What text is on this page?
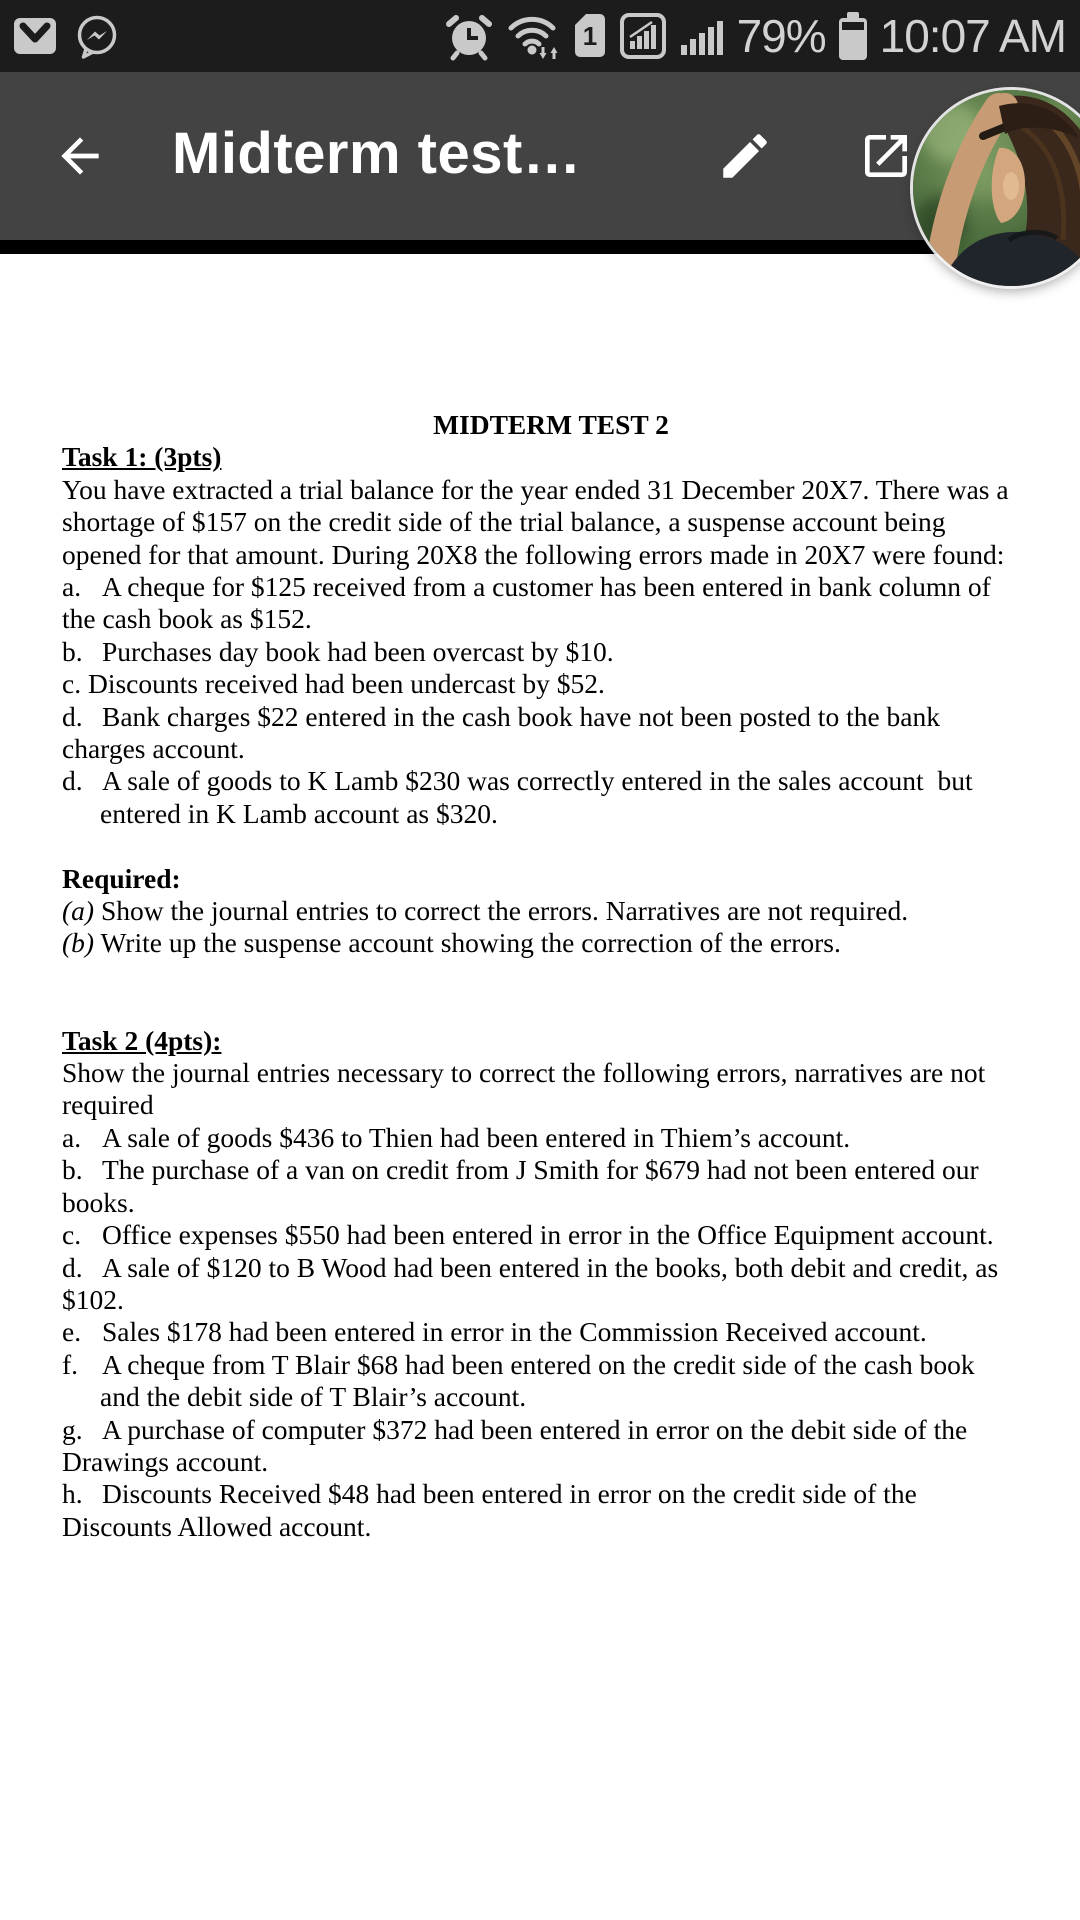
1	79% 10:07 AM
Midterm test…
MIDTERM TEST 2
Task 1: (3pts)
You have extracted a trial balance for the year ended 31 December 20X7. There was a
shortage of $157 on the credit side of the trial balance, a suspense account being
opened for that amount. During 20X8 the following errors made in 20X7 were found:
a. A cheque for $125 received from a customer has been entered in bank column of
the cash book as $152.
b. Purchases day book had been overcast by $10.
c. Discounts received had been undercast by $52.
d. Bank charges $22 entered in the cash book have not been posted to the bank
charges account.
d. A sale of goods to K Lamb $230 was correctly entered in the sales account  but
entered in K Lamb account as $320.
Required:
(a) Show the journal entries to correct the errors. Narratives are not required.
(b) Write up the suspense account showing the correction of the errors.
Task 2 (4pts):
Show the journal entries necessary to correct the following errors, narratives are not
required
a. A sale of goods $436 to Thien had been entered in Thiem’s account.
b. The purchase of a van on credit from J Smith for $679 had not been entered our
books.
c. Office expenses $550 had been entered in error in the Office Equipment account.
d. A sale of $120 to B Wood had been entered in the books, both debit and credit, as
$102.
e. Sales $178 had been entered in error in the Commission Received account.
f. A cheque from T Blair $68 had been entered on the credit side of the cash book
and the debit side of T Blair’s account.
g. A purchase of computer $372 had been entered in error on the debit side of the
Drawings account.
h. Discounts Received $48 had been entered in error on the credit side of the
Discounts Allowed account.
